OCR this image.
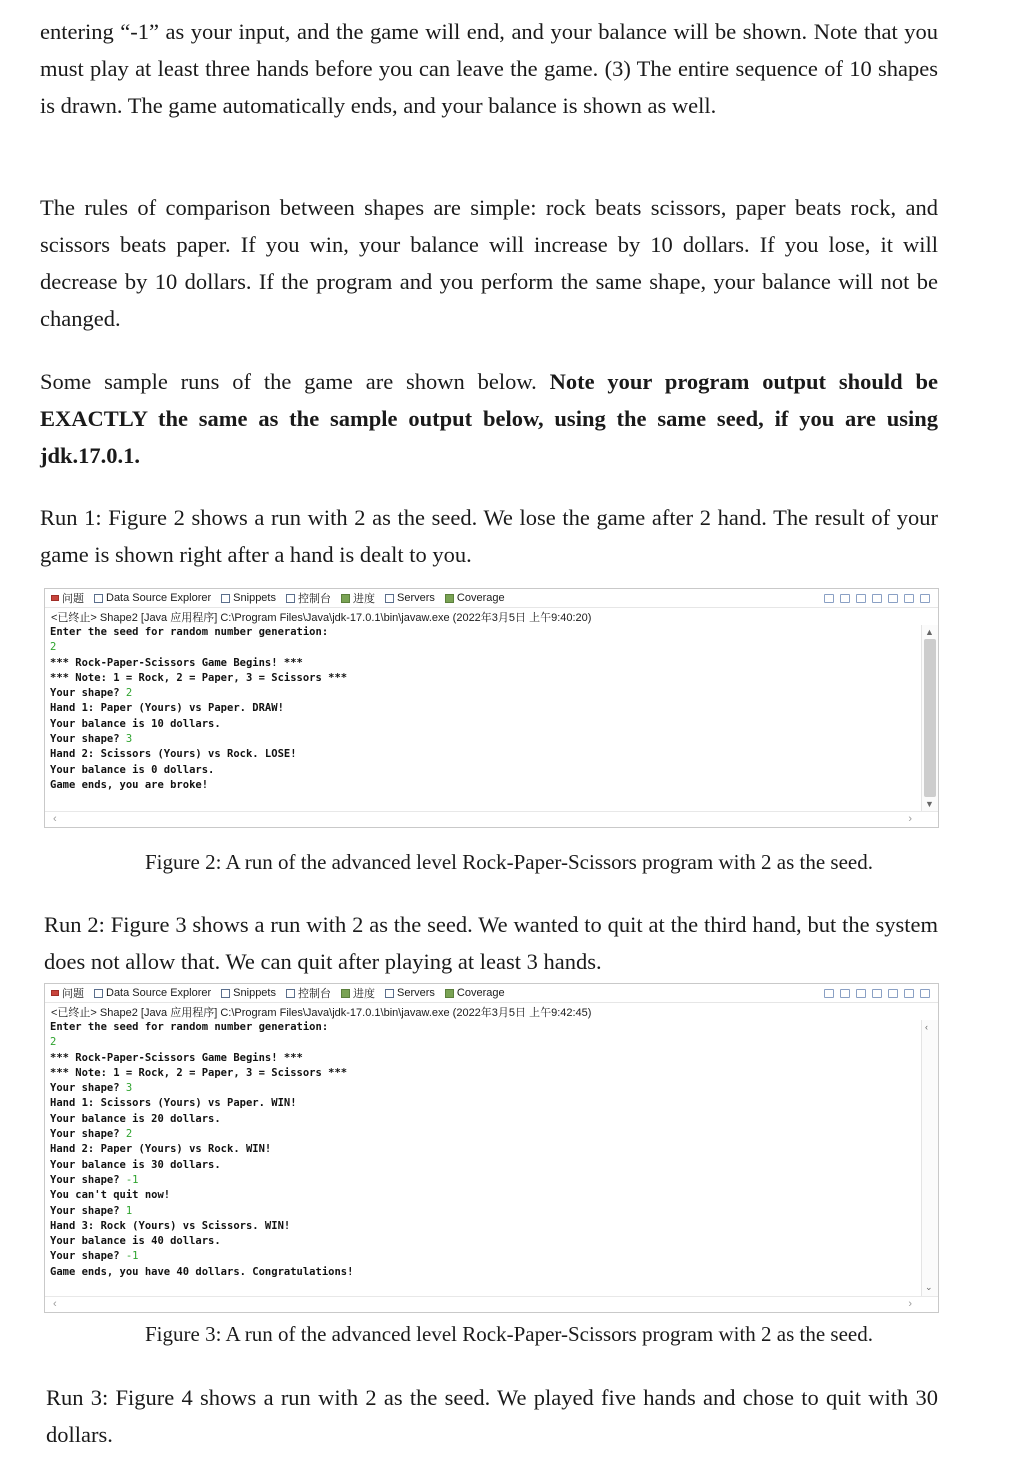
entering “-1” as your input, and the game will end, and your balance will be shown. Note that you must play at least three hands before you can leave the game. (3) The entire sequence of 10 shapes is drawn. The game automatically ends, and your balance is shown as well.

The rules of comparison between shapes are simple: rock beats scissors, paper beats rock, and scissors beats paper. If you win, your balance will increase by 10 dollars. If you lose, it will decrease by 10 dollars. If the program and you perform the same shape, your balance will not be changed.

Some sample runs of the game are shown below. Note your program output should be EXACTLY the same as the sample output below, using the same seed, if you are using jdk.17.0.1.

Run 1: Figure 2 shows a run with 2 as the seed. We lose the game after 2 hand. The result of your game is shown right after a hand is dealt to you.

问题 Data Source Explorer Snippets 控制台 进度 Servers Coverage
<已终止> Shape2 [Java 应用程序] C:\Program Files\Java\jdk-17.0.1\bin\javaw.exe (2022年3月5日 上午9:40:20)
Enter the seed for random number generation:
2
*** Rock-Paper-Scissors Game Begins! ***
*** Note: 1 = Rock, 2 = Paper, 3 = Scissors ***
Your shape? 2
Hand 1: Paper (Yours) vs Paper. DRAW!
Your balance is 10 dollars.
Your shape? 3
Hand 2: Scissors (Yours) vs Rock. LOSE!
Your balance is 0 dollars.
Game ends, you are broke!
▲
▼
‹	›

Figure 2: A run of the advanced level Rock-Paper-Scissors program with 2 as the seed.

Run 2: Figure 3 shows a run with 2 as the seed. We wanted to quit at the third hand, but the system does not allow that. We can quit after playing at least 3 hands.

问题 Data Source Explorer Snippets 控制台 进度 Servers Coverage
<已终止> Shape2 [Java 应用程序] C:\Program Files\Java\jdk-17.0.1\bin\javaw.exe (2022年3月5日 上午9:42:45)
Enter the seed for random number generation:
2
*** Rock-Paper-Scissors Game Begins! ***
*** Note: 1 = Rock, 2 = Paper, 3 = Scissors ***
Your shape? 3
Hand 1: Scissors (Yours) vs Paper. WIN!
Your balance is 20 dollars.
Your shape? 2
Hand 2: Paper (Yours) vs Rock. WIN!
Your balance is 30 dollars.
Your shape? -1
You can't quit now!
Your shape? 1
Hand 3: Rock (Yours) vs Scissors. WIN!
Your balance is 40 dollars.
Your shape? -1
Game ends, you have 40 dollars. Congratulations!
‹
⌄
‹	›

Figure 3: A run of the advanced level Rock-Paper-Scissors program with 2 as the seed.

Run 3: Figure 4 shows a run with 2 as the seed. We played five hands and chose to quit with 30 dollars.
